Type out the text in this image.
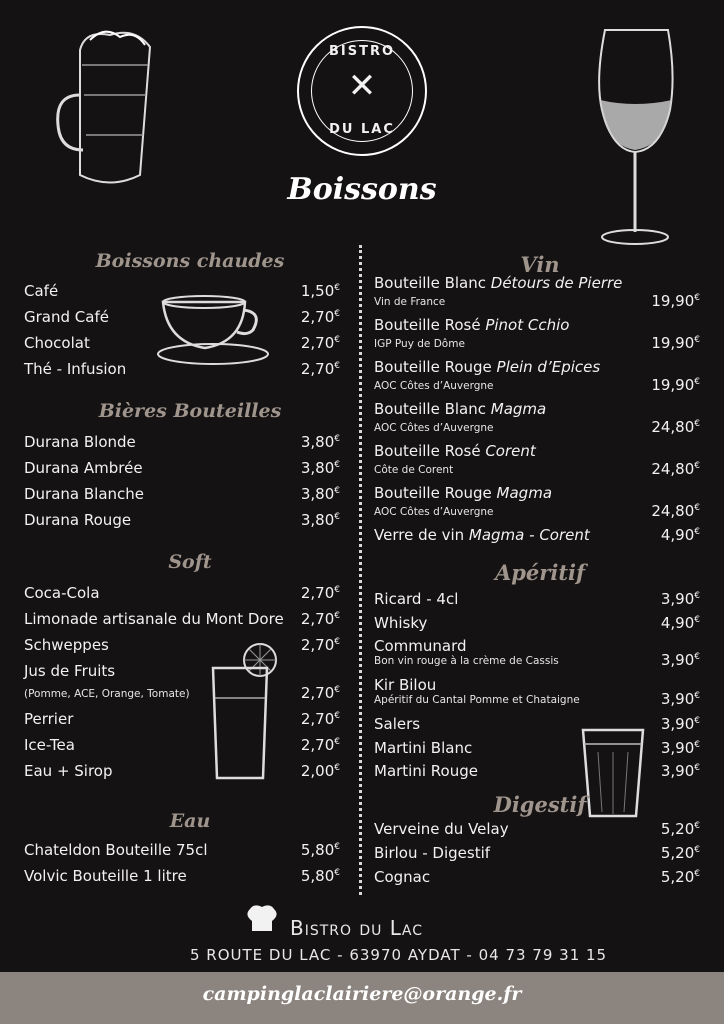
BISTRO
✕
DU LAC
Boissons
Bistro du Lac
5 ROUTE DU LAC - 63970 AYDAT - 04 73 79 31 15
campinglaclairiere@orange.fr
Boissons chaudes
Café	1,50€
Grand Café	2,70€
Chocolat	2,70€
Thé - Infusion	2,70€
Bières Bouteilles
Durana Blonde	3,80€
Durana Ambrée	3,80€
Durana Blanche	3,80€
Durana Rouge	3,80€
Soft
Coca-Cola	2,70€
Limonade artisanale du Mont Dore 2,70€
Schweppes	2,70€
Jus de Fruits
(Pomme, ACE, Orange, Tomate)	2,70€
Perrier	2,70€
Ice-Tea	2,70€
Eau + Sirop	2,00€
Eau
Chateldon Bouteille 75cl	5,80€
Volvic Bouteille 1 litre	5,80€
Vin
Bouteille Blanc Détours de Pierre
Vin de France	19,90€
Bouteille Rosé Pinot Cchio
IGP Puy de Dôme	19,90€
Bouteille Rouge Plein d’Epices
AOC Côtes d’Auvergne	19,90€
Bouteille Blanc Magma
AOC Côtes d’Auvergne	24,80€
Bouteille Rosé Corent
Côte de Corent	24,80€
Bouteille Rouge Magma
AOC Côtes d’Auvergne	24,80€
Verre de vin Magma - Corent	4,90€
Apéritif
Ricard - 4cl	3,90€
Whisky	4,90€
Communard
Bon vin rouge à la crème de Cassis	3,90€
Kir Bilou
Apéritif du Cantal Pomme et Chataigne	3,90€
Salers	3,90€
Martini Blanc	3,90€
Martini Rouge	3,90€
Digestif
Verveine du Velay	5,20€
Birlou - Digestif	5,20€
Cognac	5,20€
